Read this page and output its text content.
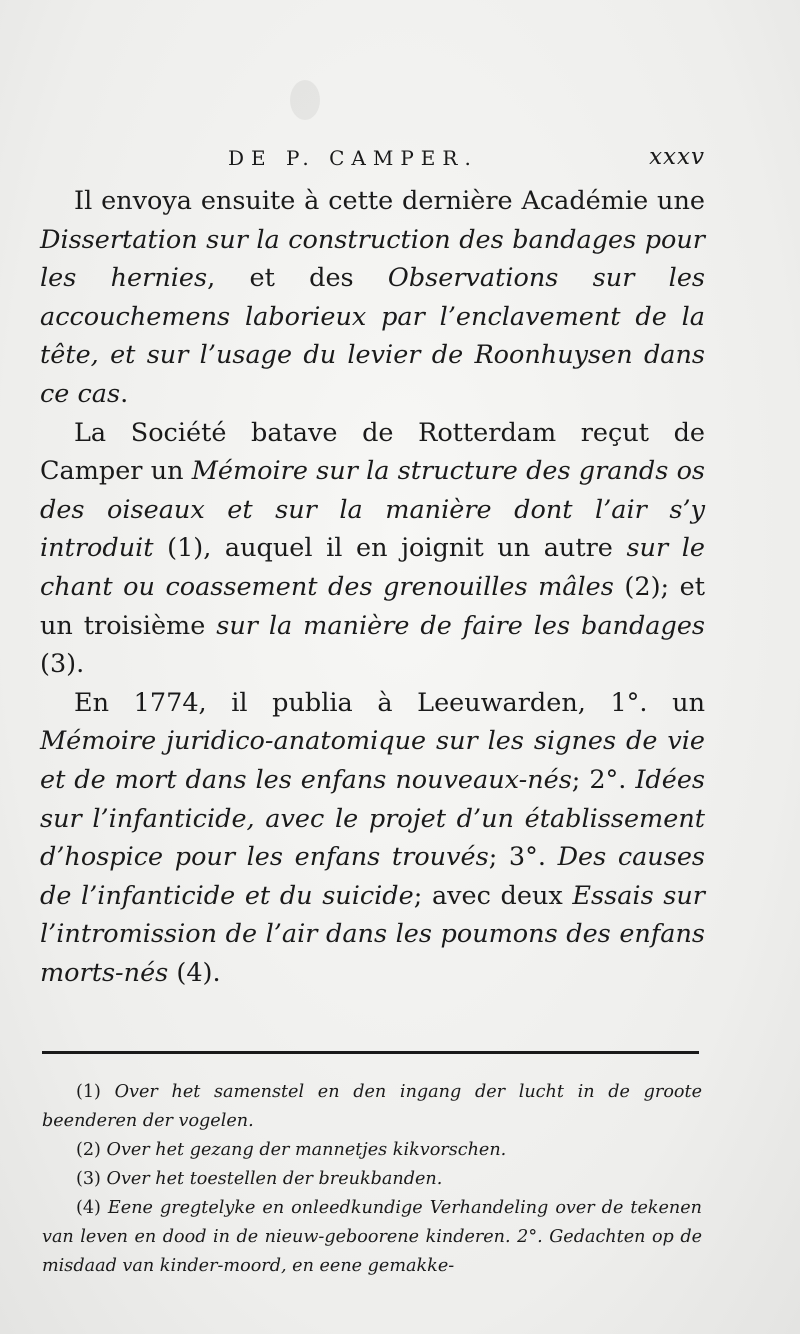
DE P. CAMPER.	xxxv

Il envoya ensuite à cette dernière Académie une Dissertation sur la construction des bandages pour les hernies, et des Observations sur les accouchemens laborieux par l’enclavement de la tête, et sur l’usage du levier de Roonhuysen dans ce cas.

La Société batave de Rotterdam reçut de Camper un Mémoire sur la structure des grands os des oiseaux et sur la manière dont l’air s’y introduit (1), auquel il en joignit un autre sur le chant ou coassement des grenouilles mâles (2); et un troisième sur la manière de faire les bandages (3).

En 1774, il publia à Leeuwarden, 1°. un Mémoire juridico-anatomique sur les signes de vie et de mort dans les enfans nouveaux-nés; 2°. Idées sur l’infanticide, avec le projet d’un établissement d’hospice pour les enfans trouvés; 3°. Des causes de l’infanticide et du suicide; avec deux Essais sur l’intromission de l’air dans les poumons des enfans morts-nés (4).

(1) Over het samenstel en den ingang der lucht in de groote beenderen der vogelen.

(2) Over het gezang der mannetjes kikvorschen.

(3) Over het toestellen der breukbanden.

(4) Eene gregtelyke en onleedkundige Verhandeling over de tekenen van leven en dood in de nieuw-geboorene kinderen. 2°. Gedachten op de misdaad van kinder-moord, en eene gemakke-
